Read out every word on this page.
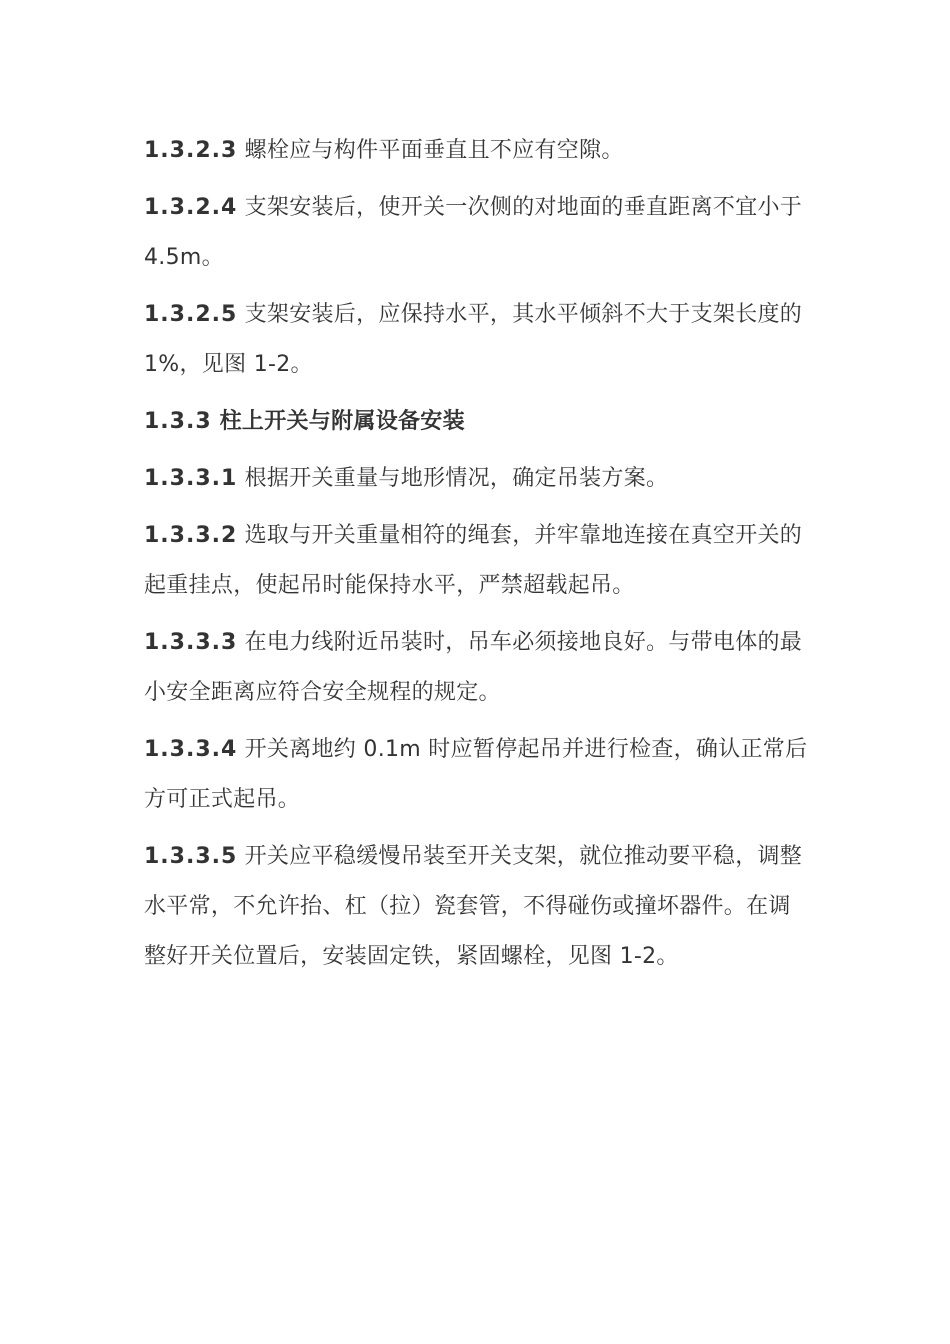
1.3.2.3 螺栓应与构件平面垂直且不应有空隙。

1.3.2.4 支架安装后，使开关一次侧的对地面的垂直距离不宜小于 4.5m。

1.3.2.5 支架安装后，应保持水平，其水平倾斜不大于支架长度的 1%，见图 1-2。

1.3.3 柱上开关与附属设备安装

1.3.3.1 根据开关重量与地形情况，确定吊装方案。

1.3.3.2 选取与开关重量相符的绳套，并牢靠地连接在真空开关的起重挂点，使起吊时能保持水平，严禁超载起吊。

1.3.3.3 在电力线附近吊装时，吊车必须接地良好。与带电体的最小安全距离应符合安全规程的规定。

1.3.3.4 开关离地约 0.1m 时应暂停起吊并进行检查，确认正常后方可正式起吊。

1.3.3.5 开关应平稳缓慢吊装至开关支架，就位推动要平稳，调整水平常，不允许抬、杠（拉）瓷套管，不得碰伤或撞坏器件。在调整好开关位置后，安装固定铁，紧固螺栓，见图 1-2。
